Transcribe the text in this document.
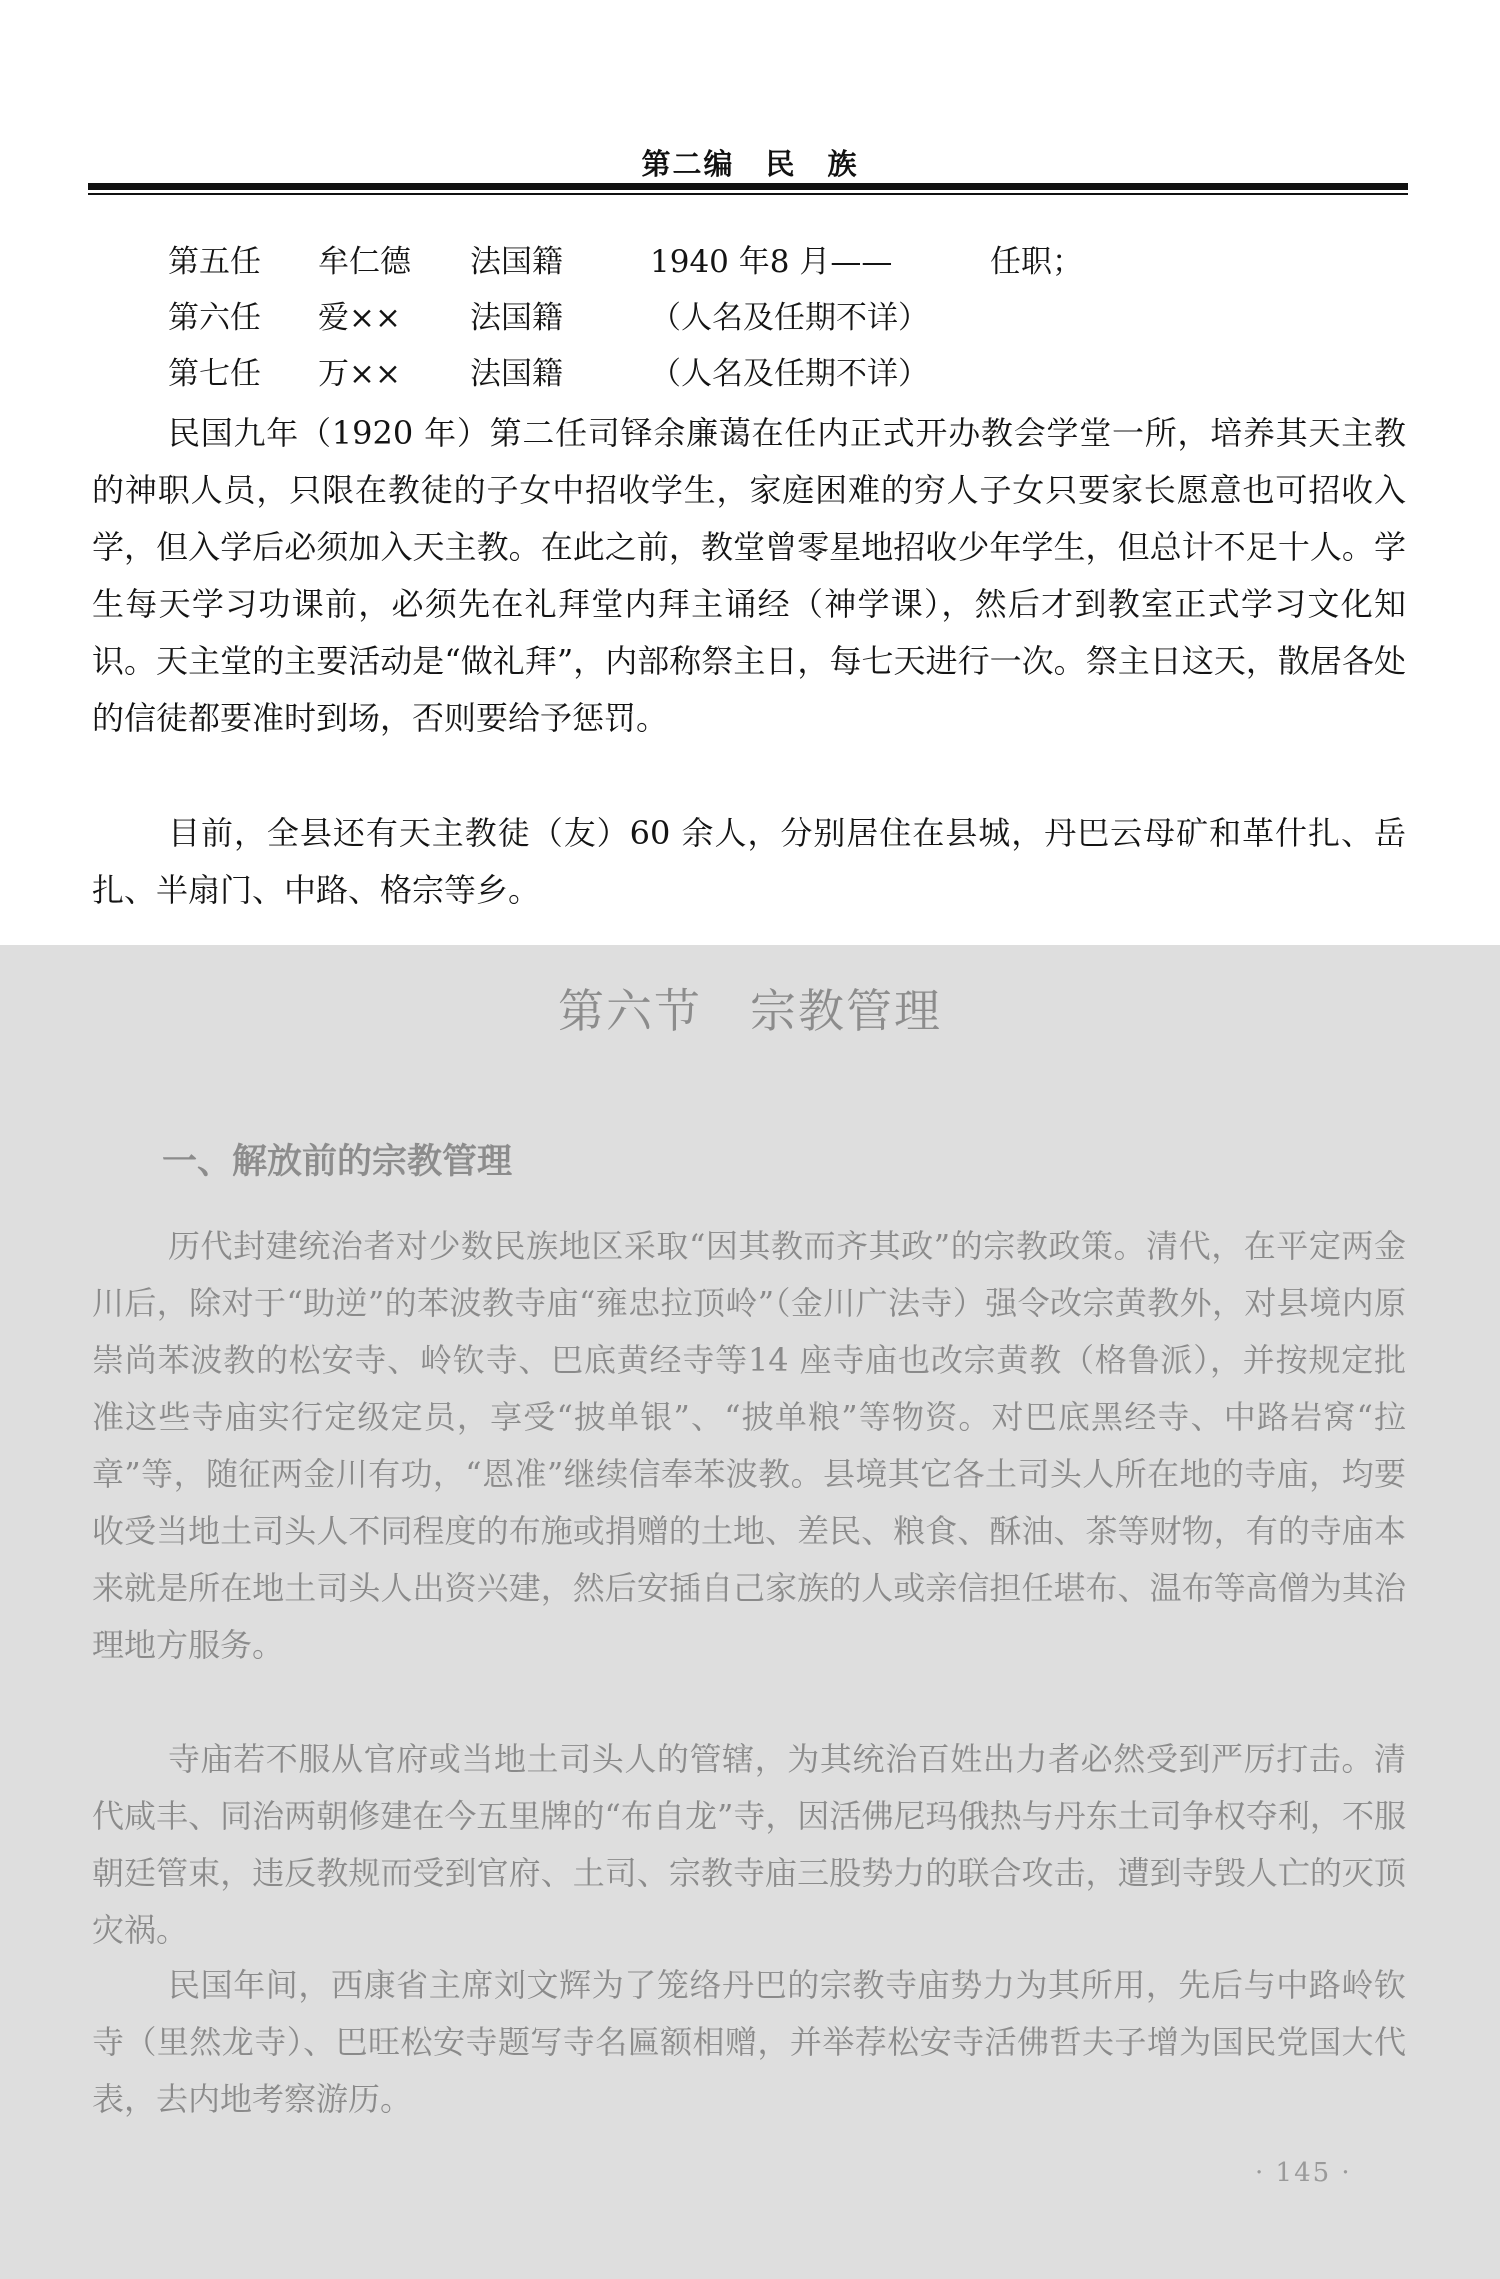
第二编　民　族
第五任	牟仁德	法国籍	1940 年8 月——	任职；
第六任	爱××	法国籍	（人名及任期不详）
第七任	万××	法国籍	（人名及任期不详）

民国九年（1920 年）第二任司铎余廉蔼在任内正式开办教会学堂一所，培养其天主教的神职人员，只限在教徒的子女中招收学生，家庭困难的穷人子女只要家长愿意也可招收入学，但入学后必须加入天主教。在此之前，教堂曾零星地招收少年学生，但总计不足十人。学生每天学习功课前，必须先在礼拜堂内拜主诵经（神学课），然后才到教室正式学习文化知识。天主堂的主要活动是“做礼拜”，内部称祭主日，每七天进行一次。祭主日这天，散居各处的信徒都要准时到场，否则要给予惩罚。

目前，全县还有天主教徒（友）60 余人，分别居住在县城，丹巴云母矿和革什扎、岳扎、半扇门、中路、格宗等乡。

第六节　宗教管理
一、解放前的宗教管理

历代封建统治者对少数民族地区采取“因其教而齐其政”的宗教政策。清代，在平定两金川后，除对于“助逆”的苯波教寺庙“雍忠拉顶岭”（金川广法寺）强令改宗黄教外，对县境内原崇尚苯波教的松安寺、岭钦寺、巴底黄经寺等14 座寺庙也改宗黄教（格鲁派），并按规定批准这些寺庙实行定级定员，享受“披单银”、“披单粮”等物资。对巴底黑经寺、中路岩窝“拉章”等，随征两金川有功，“恩准”继续信奉苯波教。县境其它各土司头人所在地的寺庙，均要收受当地土司头人不同程度的布施或捐赠的土地、差民、粮食、酥油、茶等财物，有的寺庙本来就是所在地土司头人出资兴建，然后安插自己家族的人或亲信担任堪布、温布等高僧为其治理地方服务。

寺庙若不服从官府或当地土司头人的管辖，为其统治百姓出力者必然受到严厉打击。清代咸丰、同治两朝修建在今五里牌的“布自龙”寺，因活佛尼玛俄热与丹东土司争权夺利，不服朝廷管束，违反教规而受到官府、土司、宗教寺庙三股势力的联合攻击，遭到寺毁人亡的灭顶灾祸。

民国年间，西康省主席刘文辉为了笼络丹巴的宗教寺庙势力为其所用，先后与中路岭钦寺（里然龙寺）、巴旺松安寺题写寺名匾额相赠，并举荐松安寺活佛哲夫子增为国民党国大代表，去内地考察游历。

· 145 ·
